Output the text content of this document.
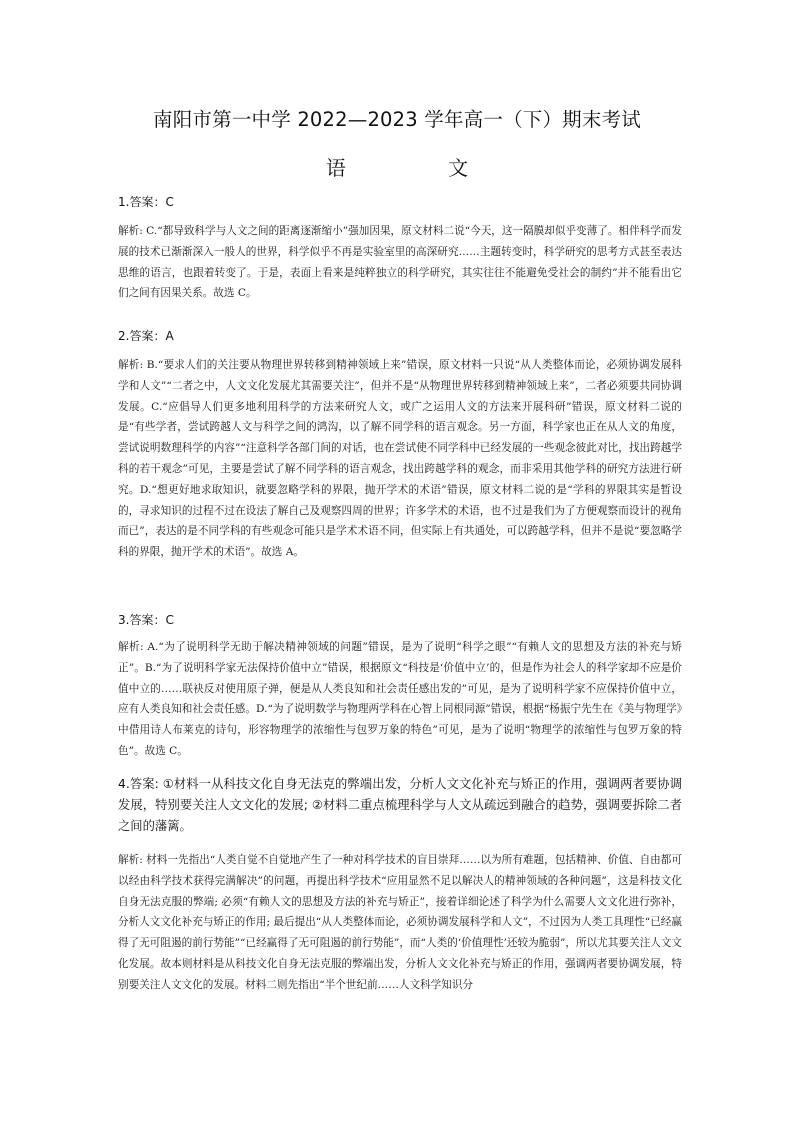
南阳市第一中学 2022—2023 学年高一（下）期末考试
语 文
1.答案：C

解析: C.“都导致科学与人文之间的距离逐渐缩小”强加因果，原文材料二说“今天，这一隔膜却似乎变薄了。相伴科学而发展的技术已渐渐深入一般人的世界，科学似乎不再是实验室里的高深研究……主题转变时，科学研究的思考方式甚至表达思维的语言，也跟着转变了。于是，表面上看来是纯粹独立的科学研究，其实往往不能避免受社会的制约”并不能看出它们之间有因果关系。故选 C。

2.答案：A

解析: B.“要求人们的关注要从物理世界转移到精神领域上来”错误，原文材料一只说“从人类整体而论，必须协调发展科学和人文”“二者之中，人文文化发展尤其需要关注”，但并不是“从物理世界转移到精神领域上来”，二者必须要共同协调发展。C.“应倡导人们更多地利用科学的方法来研究人文，或广之运用人文的方法来开展科研”错误，原文材料二说的是“有些学者，尝试跨越人文与科学之间的鸿沟，以了解不同学科的语言观念。另一方面，科学家也正在从人文的角度，尝试说明数理科学的内容”“注意科学各部门间的对话，也在尝试使不同学科中已经发展的一些观念彼此对比，找出跨越学科的若干观念”可见，主要是尝试了解不同学科的语言观念，找出跨越学科的观念，而非采用其他学科的研究方法进行研究。D.“想更好地求取知识，就要忽略学科的界限，抛开学术的术语”错误，原文材料二说的是“学科的界限其实是暂设的，寻求知识的过程不过在设法了解自己及观察四周的世界；许多学术的术语，也不过是我们为了方便观察而设计的视角而已”，表达的是不同学科的有些观念可能只是学术术语不同，但实际上有共通处，可以跨越学科，但并不是说“要忽略学科的界限，抛开学术的术语”。故选 A。

3.答案：C

解析: A.“为了说明科学无助于解决精神领域的问题”错误，是为了说明“科学之眼”“有赖人文的思想及方法的补充与矫正”。B.“为了说明科学家无法保持价值中立”错误，根据原文“科技是‘价值中立’的，但是作为社会人的科学家却不应是价值中立的……联袂反对使用原子弹，便是从人类良知和社会责任感出发的”可见，是为了说明科学家不应保持价值中立，应有人类良知和社会责任感。D.“为了说明数学与物理两学科在心智上同根同源”错误，根据“杨振宁先生在《美与物理学》中借用诗人布莱克的诗句，形容物理学的浓缩性与包罗万象的特色”可见，是为了说明“物理学的浓缩性与包罗万象的特色”。故选 C。

4.答案: ①材料一从科技文化自身无法克的弊端出发，分析人文文化补充与矫正的作用，强调两者要协调发展，特别要关注人文文化的发展; ②材料二重点梳理科学与人文从疏远到融合的趋势，强调要拆除二者之间的藩篱。

解析: 材料一先指出“人类自觉不自觉地产生了一种对科学技术的盲目崇拜……以为所有难题，包括精神、价值、自由都可以经由科学技术获得完满解决”的问题，再提出科学技术“应用显然不足以解决人的精神领域的各种问题”，这是科技文化自身无法克服的弊端; 必须“有赖人文的思想及方法的补充与矫正”，接着详细论述了科学为什么需要人文文化进行弥补，分析人文文化补充与矫正的作用; 最后提出“从人类整体而论，必须协调发展科学和人文”，不过因为人类工具理性“已经赢得了无可阻遏的前行势能”“已经赢得了无可阻遏的前行势能”，而“人类的‘价值理性’还较为脆弱”，所以尤其要关注人文文化发展。故本则材料是从科技文化自身无法克服的弊端出发，分析人文文化补充与矫正的作用，强调两者要协调发展，特别要关注人文文化的发展。材料二则先指出“半个世纪前……人文科学知识分
